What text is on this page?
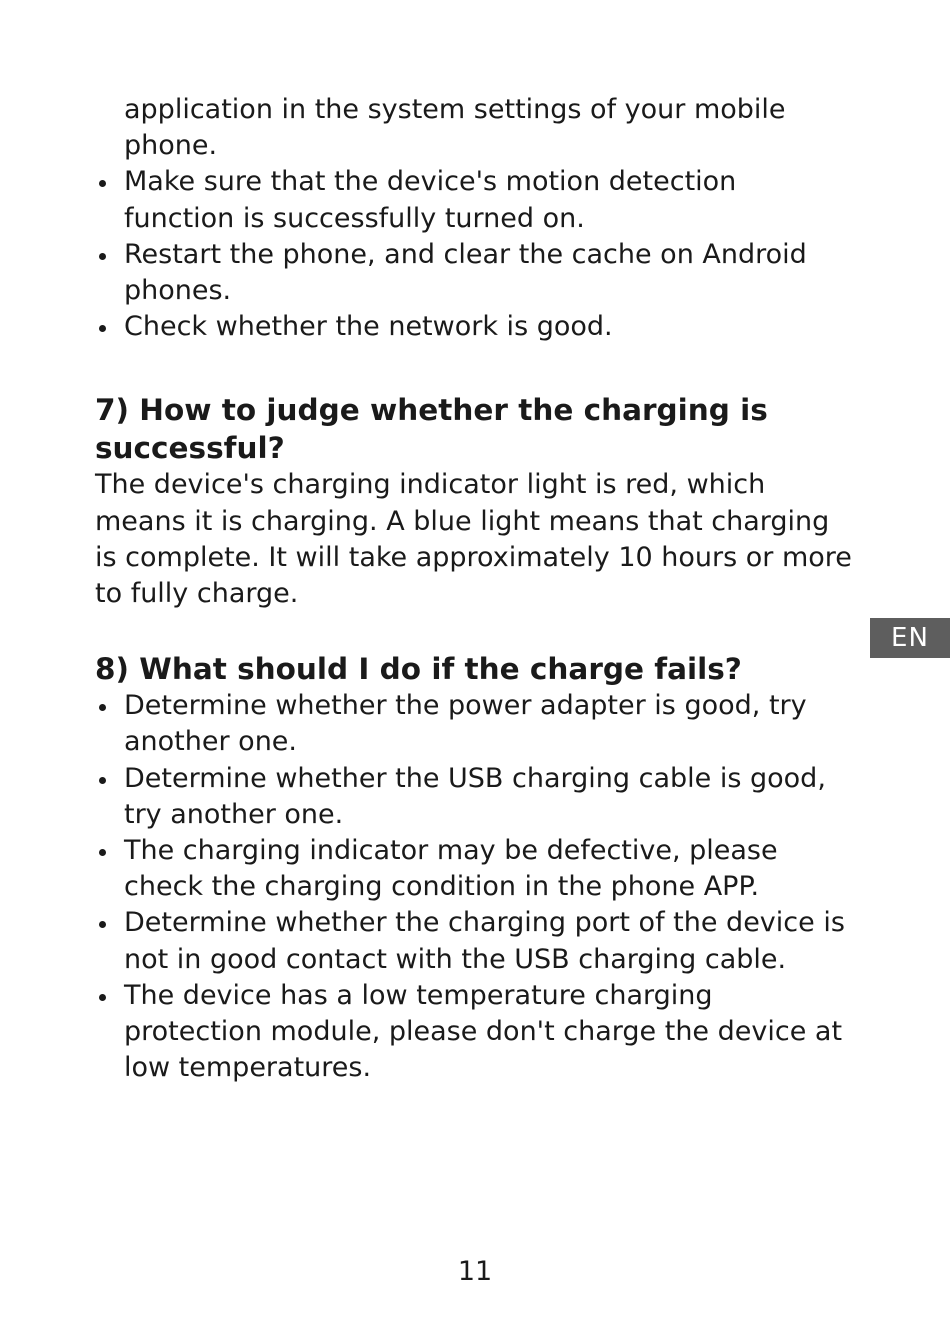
application in the system settings of your mobile phone.
Make sure that the device's motion detection function is successfully turned on.
Restart the phone, and clear the cache on Android phones.
Check whether the network is good.
7) How to judge whether the charging is successful?

The device's charging indicator light is red, which means it is charging. A blue light means that charging is complete. It will take approximately 10 hours or more to fully charge.

8) What should I do if the charge fails?
Determine whether the power adapter is good, try another one.
Determine whether the USB charging cable is good, try another one.
The charging indicator may be defective, please check the charging condition in the phone APP.
Determine whether the charging port of the device is not in good contact with the USB charging cable.
The device has a low temperature charging protection module, please don't charge the device at low temperatures.
EN
11
